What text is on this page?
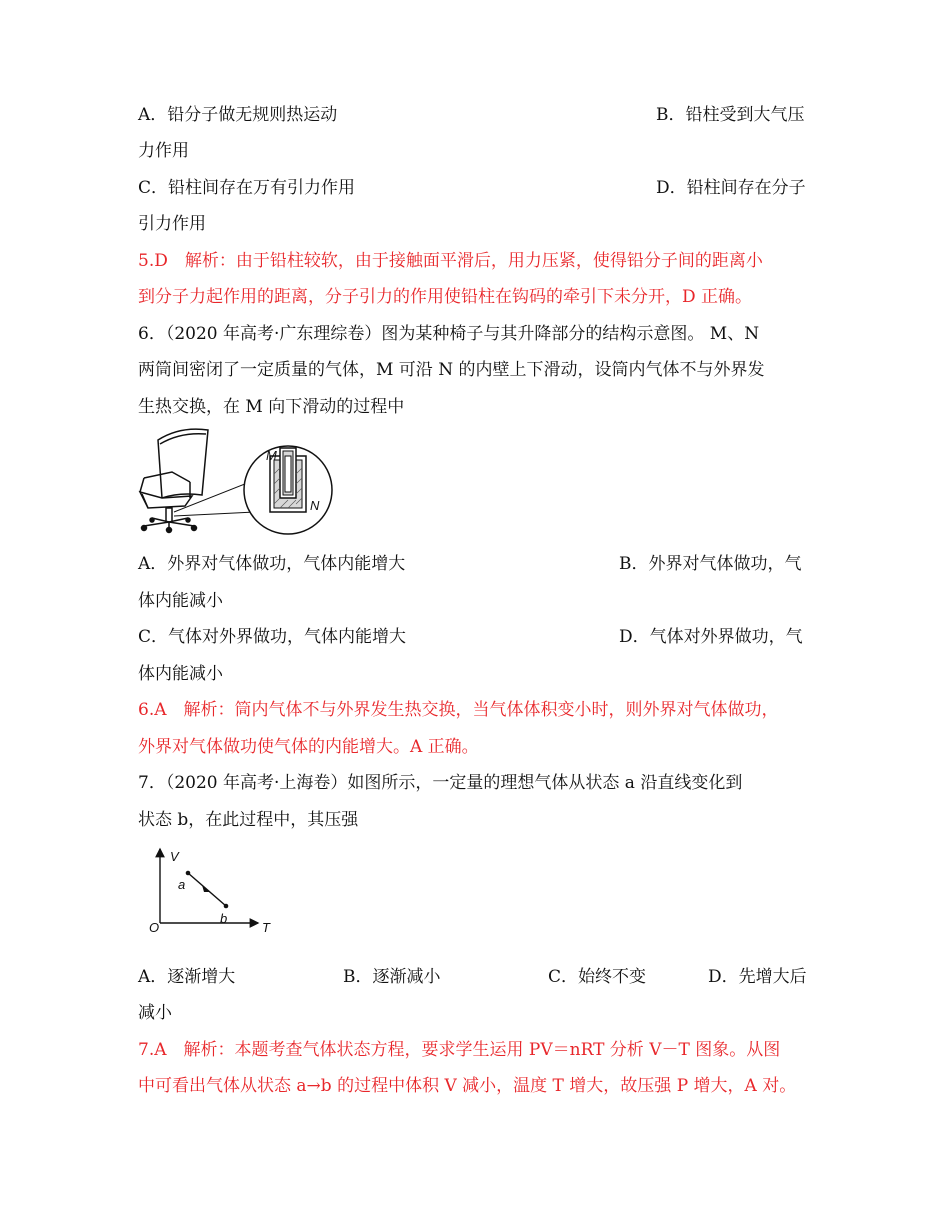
A．铅分子做无规则热运动	B．铅柱受到大气压
力作用
C．铅柱间存在万有引力作用	D．铅柱间存在分子
引力作用
5.D　解析：由于铅柱较软，由于接触面平滑后，用力压紧，使得铅分子间的距离小
到分子力起作用的距离，分子引力的作用使铅柱在钩码的牵引下未分开，D 正确。
6．（2020 年高考·广东理综卷）图为某种椅子与其升降部分的结构示意图。 M、N
两筒间密闭了一定质量的气体，M 可沿 N 的内壁上下滑动，设筒内气体不与外界发
生热交换，在 M 向下滑动的过程中
M
N
A．外界对气体做功，气体内能增大	B．外界对气体做功，气
体内能减小
C．气体对外界做功，气体内能增大	D．气体对外界做功，气
体内能减小
6.A　解析：筒内气体不与外界发生热交换，当气体体积变小时，则外界对气体做功，
外界对气体做功使气体的内能增大。A 正确。
7．（2020 年高考·上海卷）如图所示，一定量的理想气体从状态 a 沿直线变化到
状态 b，在此过程中，其压强
V
T
O
a
b
A．逐渐增大	B．逐渐减小	C．始终不变	D．先增大后
减小
7.A　解析：本题考查气体状态方程，要求学生运用 PV＝nRT 分析 V－T 图象。从图
中可看出气体从状态 a→b 的过程中体积 V 减小，温度 T 增大，故压强 P 增大，A 对。
